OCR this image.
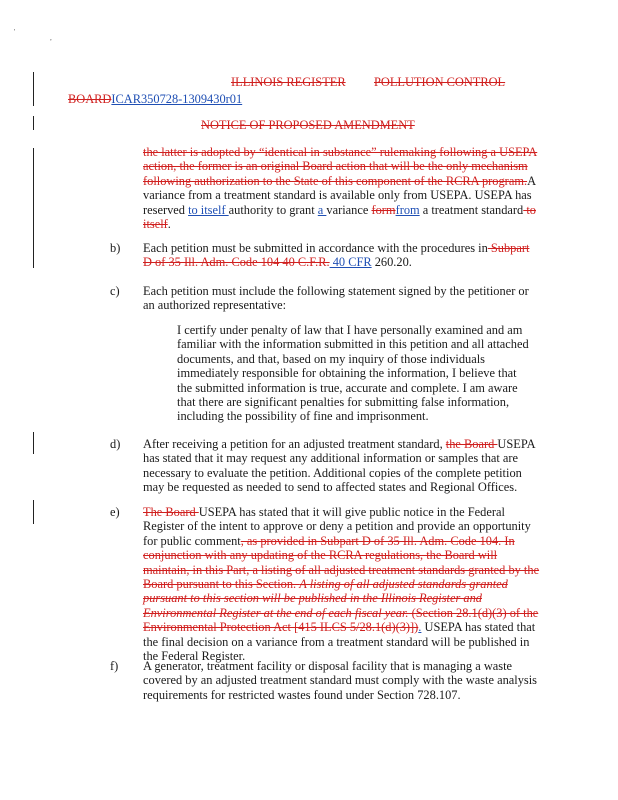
'
,
ILLINOIS REGISTER POLLUTION CONTROL
BOARDICAR350728-1309430r01
NOTICE OF PROPOSED AMENDMENT
the latter is adopted by “identical in substance” rulemaking following a USEPA action, the former is an original Board action that will be the only mechanism following authorization to the State of this component of the RCRA program.A variance from a treatment standard is available only from USEPA. USEPA has reserved to itself authority to grant a variance formfrom a treatment standard to itself.
b) Each petition must be submitted in accordance with the procedures in Subpart D of 35 Ill. Adm. Code 104 40 C.F.R. 40 CFR 260.20.
c) Each petition must include the following statement signed by the petitioner or an authorized representative:
I certify under penalty of law that I have personally examined and am familiar with the information submitted in this petition and all attached documents, and that, based on my inquiry of those individuals immediately responsible for obtaining the information, I believe that the submitted information is true, accurate and complete. I am aware that there are significant penalties for submitting false information, including the possibility of fine and imprisonment.
d) After receiving a petition for an adjusted treatment standard, the Board USEPA has stated that it may request any additional information or samples that are necessary to evaluate the petition. Additional copies of the complete petition may be requested as needed to send to affected states and Regional Offices.
e) The Board USEPA has stated that it will give public notice in the Federal Register of the intent to approve or deny a petition and provide an opportunity for public comment, as provided in Subpart D of 35 Ill. Adm. Code 104. In conjunction with any updating of the RCRA regulations, the Board will maintain, in this Part, a listing of all adjusted treatment standards granted by the Board pursuant to this Section. A listing of all adjusted standards granted pursuant to this section will be published in the Illinois Register and Environmental Register at the end of each fiscal year. (Section 28.1(d)(3) of the Environmental Protection Act [415 ILCS 5/28.1(d)(3)]). USEPA has stated that the final decision on a variance from a treatment standard will be published in the Federal Register.
f) A generator, treatment facility or disposal facility that is managing a waste covered by an adjusted treatment standard must comply with the waste analysis requirements for restricted wastes found under Section 728.107.
